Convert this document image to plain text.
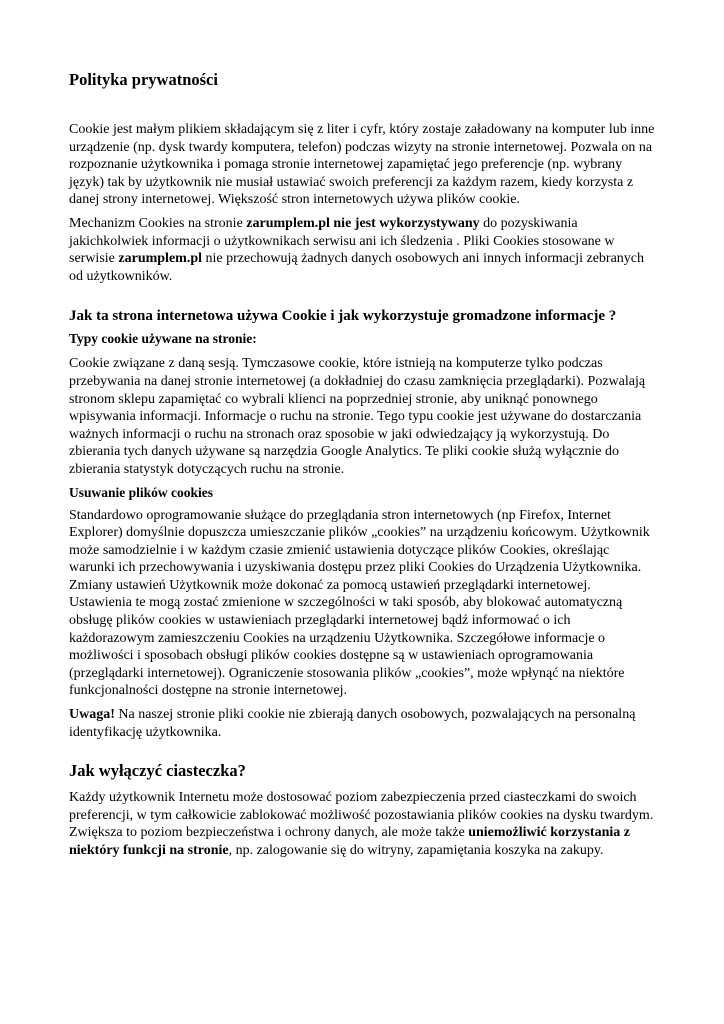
Polityka prywatności

Cookie jest małym plikiem składającym się z liter i cyfr, który zostaje załadowany na komputer lub inne urządzenie (np. dysk twardy komputera, telefon) podczas wizyty na stronie internetowej. Pozwala on na rozpoznanie użytkownika i pomaga stronie internetowej zapamiętać jego preferencje (np. wybrany język) tak by użytkownik nie musiał ustawiać swoich preferencji za każdym razem, kiedy korzysta z danej strony internetowej. Większość stron internetowych używa plików cookie.

Mechanizm Cookies na stronie zarumplem.pl nie jest wykorzystywany do pozyskiwania jakichkolwiek informacji o użytkownikach serwisu ani ich śledzenia . Pliki Cookies stosowane w serwisie zarumplem.pl nie przechowują żadnych danych osobowych ani innych informacji zebranych od użytkowników.

Jak ta strona internetowa używa Cookie i jak wykorzystuje gromadzone informacje ?
Typy cookie używane na stronie:

Cookie związane z daną sesją. Tymczasowe cookie, które istnieją na komputerze tylko podczas przebywania na danej stronie internetowej (a dokładniej do czasu zamknięcia przeglądarki). Pozwalają stronom sklepu zapamiętać co wybrali klienci na poprzedniej stronie, aby uniknąć ponownego wpisywania informacji. Informacje o ruchu na stronie. Tego typu cookie jest używane do dostarczania ważnych informacji o ruchu na stronach oraz sposobie w jaki odwiedzający ją wykorzystują. Do zbierania tych danych używane są narzędzia Google Analytics. Te pliki cookie służą wyłącznie do zbierania statystyk dotyczących ruchu na stronie.

Usuwanie plików cookies

Standardowo oprogramowanie służące do przeglądania stron internetowych (np Firefox, Internet Explorer) domyślnie dopuszcza umieszczanie plików „cookies” na urządzeniu końcowym. Użytkownik może samodzielnie i w każdym czasie zmienić ustawienia dotyczące plików Cookies, określając warunki ich przechowywania i uzyskiwania dostępu przez pliki Cookies do Urządzenia Użytkownika. Zmiany ustawień Użytkownik może dokonać za pomocą ustawień przeglądarki internetowej. Ustawienia te mogą zostać zmienione w szczególności w taki sposób, aby blokować automatyczną obsługę plików cookies w ustawieniach przeglądarki internetowej bądź informować o ich każdorazowym zamieszczeniu Cookies na urządzeniu Użytkownika. Szczegółowe informacje o możliwości i sposobach obsługi plików cookies dostępne są w ustawieniach oprogramowania (przeglądarki internetowej). Ograniczenie stosowania plików „cookies”, może wpłynąć na niektóre funkcjonalności dostępne na stronie internetowej.

Uwaga! Na naszej stronie pliki cookie nie zbierają danych osobowych, pozwalających na personalną identyfikację użytkownika.

Jak wyłączyć ciasteczka?

Każdy użytkownik Internetu może dostosować poziom zabezpieczenia przed ciasteczkami do swoich preferencji, w tym całkowicie zablokować możliwość pozostawiania plików cookies na dysku twardym. Zwiększa to poziom bezpieczeństwa i ochrony danych, ale może także uniemożliwić korzystania z niektóry funkcji na stronie, np. zalogowanie się do witryny, zapamiętania koszyka na zakupy.
